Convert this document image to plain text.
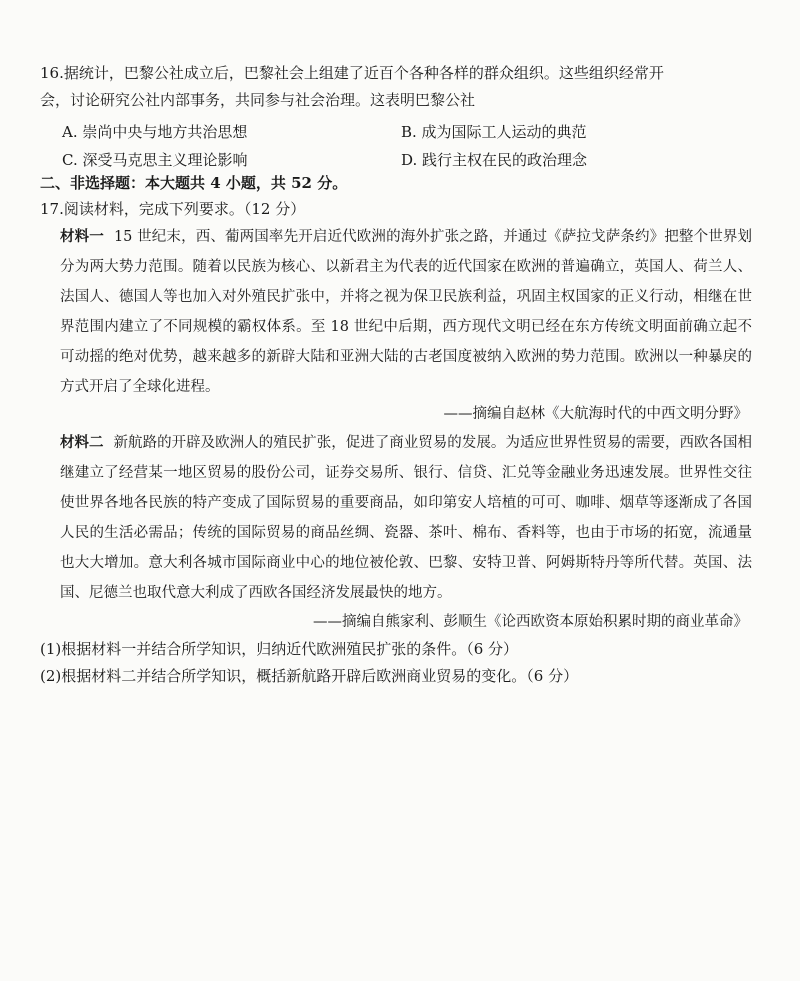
16.据统计，巴黎公社成立后，巴黎社会上组建了近百个各种各样的群众组织。这些组织经常开
会，讨论研究公社内部事务，共同参与社会治理。这表明巴黎公社
A. 崇尚中央与地方共治思想	B. 成为国际工人运动的典范
C. 深受马克思主义理论影响	D. 践行主权在民的政治理念
二、非选择题：本大题共 4 小题，共 52 分。
17.阅读材料，完成下列要求。（12 分）
材料一 15 世纪末，西、葡两国率先开启近代欧洲的海外扩张之路，并通过《萨拉戈萨条约》把整个世界划分为两大势力范围。随着以民族为核心、以新君主为代表的近代国家在欧洲的普遍确立，英国人、荷兰人、法国人、德国人等也加入对外殖民扩张中，并将之视为保卫民族利益，巩固主权国家的正义行动，相继在世界范围内建立了不同规模的霸权体系。至 18 世纪中后期，西方现代文明已经在东方传统文明面前确立起不可动摇的绝对优势，越来越多的新辟大陆和亚洲大陆的古老国度被纳入欧洲的势力范围。欧洲以一种暴戾的方式开启了全球化进程。
——摘编自赵林《大航海时代的中西文明分野》
材料二 新航路的开辟及欧洲人的殖民扩张，促进了商业贸易的发展。为适应世界性贸易的需要，西欧各国相继建立了经营某一地区贸易的股份公司，证券交易所、银行、信贷、汇兑等金融业务迅速发展。世界性交往使世界各地各民族的特产变成了国际贸易的重要商品，如印第安人培植的可可、咖啡、烟草等逐渐成了各国人民的生活必需品；传统的国际贸易的商品丝绸、瓷器、茶叶、棉布、香料等，也由于市场的拓宽，流通量也大大增加。意大利各城市国际商业中心的地位被伦敦、巴黎、安特卫普、阿姆斯特丹等所代替。英国、法国、尼德兰也取代意大利成了西欧各国经济发展最快的地方。
——摘编自熊家利、彭顺生《论西欧资本原始积累时期的商业革命》
(1)根据材料一并结合所学知识，归纳近代欧洲殖民扩张的条件。（6 分）
(2)根据材料二并结合所学知识，概括新航路开辟后欧洲商业贸易的变化。（6 分）
